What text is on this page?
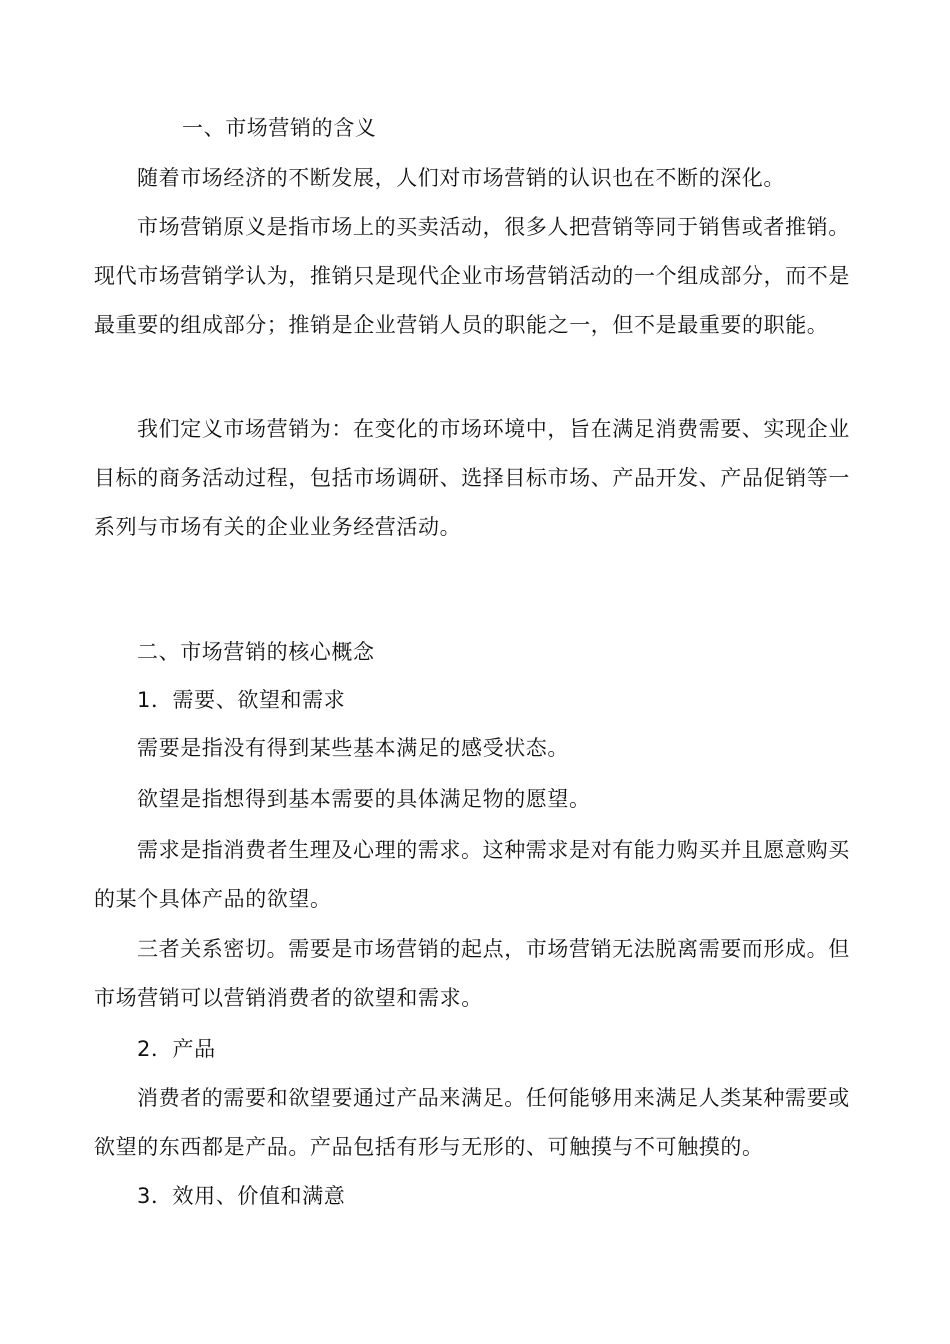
一、市场营销的含义

随着市场经济的不断发展，人们对市场营销的认识也在不断的深化。

市场营销原义是指市场上的买卖活动，很多人把营销等同于销售或者推销。现代市场营销学认为，推销只是现代企业市场营销活动的一个组成部分，而不是最重要的组成部分；推销是企业营销人员的职能之一，但不是最重要的职能。

我们定义市场营销为：在变化的市场环境中，旨在满足消费需要、实现企业目标的商务活动过程，包括市场调研、选择目标市场、产品开发、产品促销等一系列与市场有关的企业业务经营活动。

二、市场营销的核心概念

1．需要、欲望和需求

需要是指没有得到某些基本满足的感受状态。

欲望是指想得到基本需要的具体满足物的愿望。

需求是指消费者生理及心理的需求。这种需求是对有能力购买并且愿意购买的某个具体产品的欲望。

三者关系密切。需要是市场营销的起点，市场营销无法脱离需要而形成。但市场营销可以营销消费者的欲望和需求。

2．产品

消费者的需要和欲望要通过产品来满足。任何能够用来满足人类某种需要或欲望的东西都是产品。产品包括有形与无形的、可触摸与不可触摸的。

3．效用、价值和满意
